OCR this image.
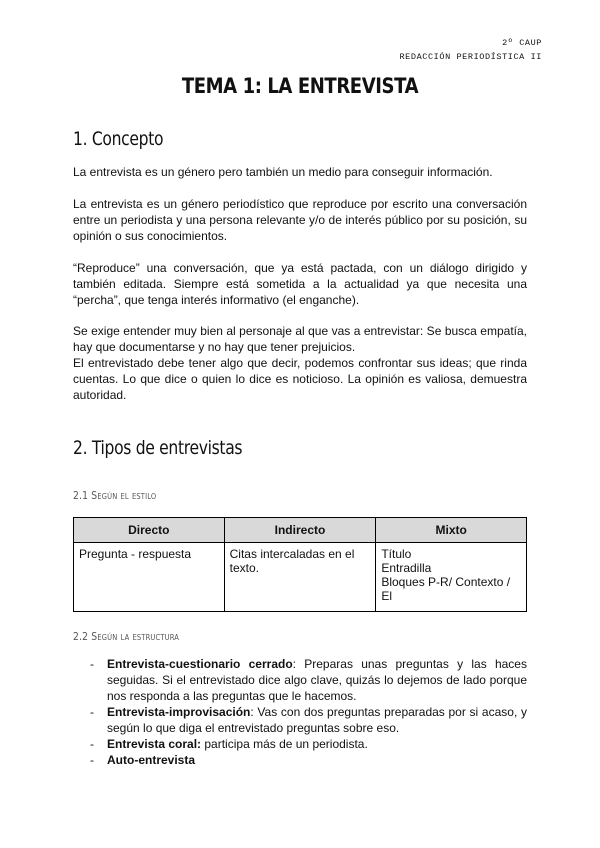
2º CAUP
REDACCIÓN PERIODÍSTICA II
TEMA 1: LA ENTREVISTA
1. Concepto
La entrevista es un género pero también un medio para conseguir información.
La entrevista es un género periodístico que reproduce por escrito una conversación entre un periodista y una persona relevante y/o de interés público por su posición, su opinión o sus conocimientos.
“Reproduce” una conversación, que ya está pactada, con un diálogo dirigido y también editada. Siempre está sometida a la actualidad ya que necesita una “percha”, que tenga interés informativo (el enganche).
Se exige entender muy bien al personaje al que vas a entrevistar: Se busca empatía, hay que documentarse y no hay que tener prejuicios.
El entrevistado debe tener algo que decir, podemos confrontar sus ideas; que rinda cuentas. Lo que dice o quien lo dice es noticioso. La opinión es valiosa, demuestra autoridad.
2. Tipos de entrevistas
2.1 Según el estilo
Directo	Indirecto	Mixto
Pregunta - respuesta	Citas intercaladas en el texto.	Título
Entradilla
Bloques P-R/ Contexto / El
2.2 Según la estructura
- Entrevista-cuestionario cerrado: Preparas unas preguntas y las haces seguidas. Si el entrevistado dice algo clave, quizás lo dejemos de lado porque nos responda a las preguntas que le hacemos.
- Entrevista-improvisación: Vas con dos preguntas preparadas por si acaso, y según lo que diga el entrevistado preguntas sobre eso.
- Entrevista coral: participa más de un periodista.
- Auto-entrevista
